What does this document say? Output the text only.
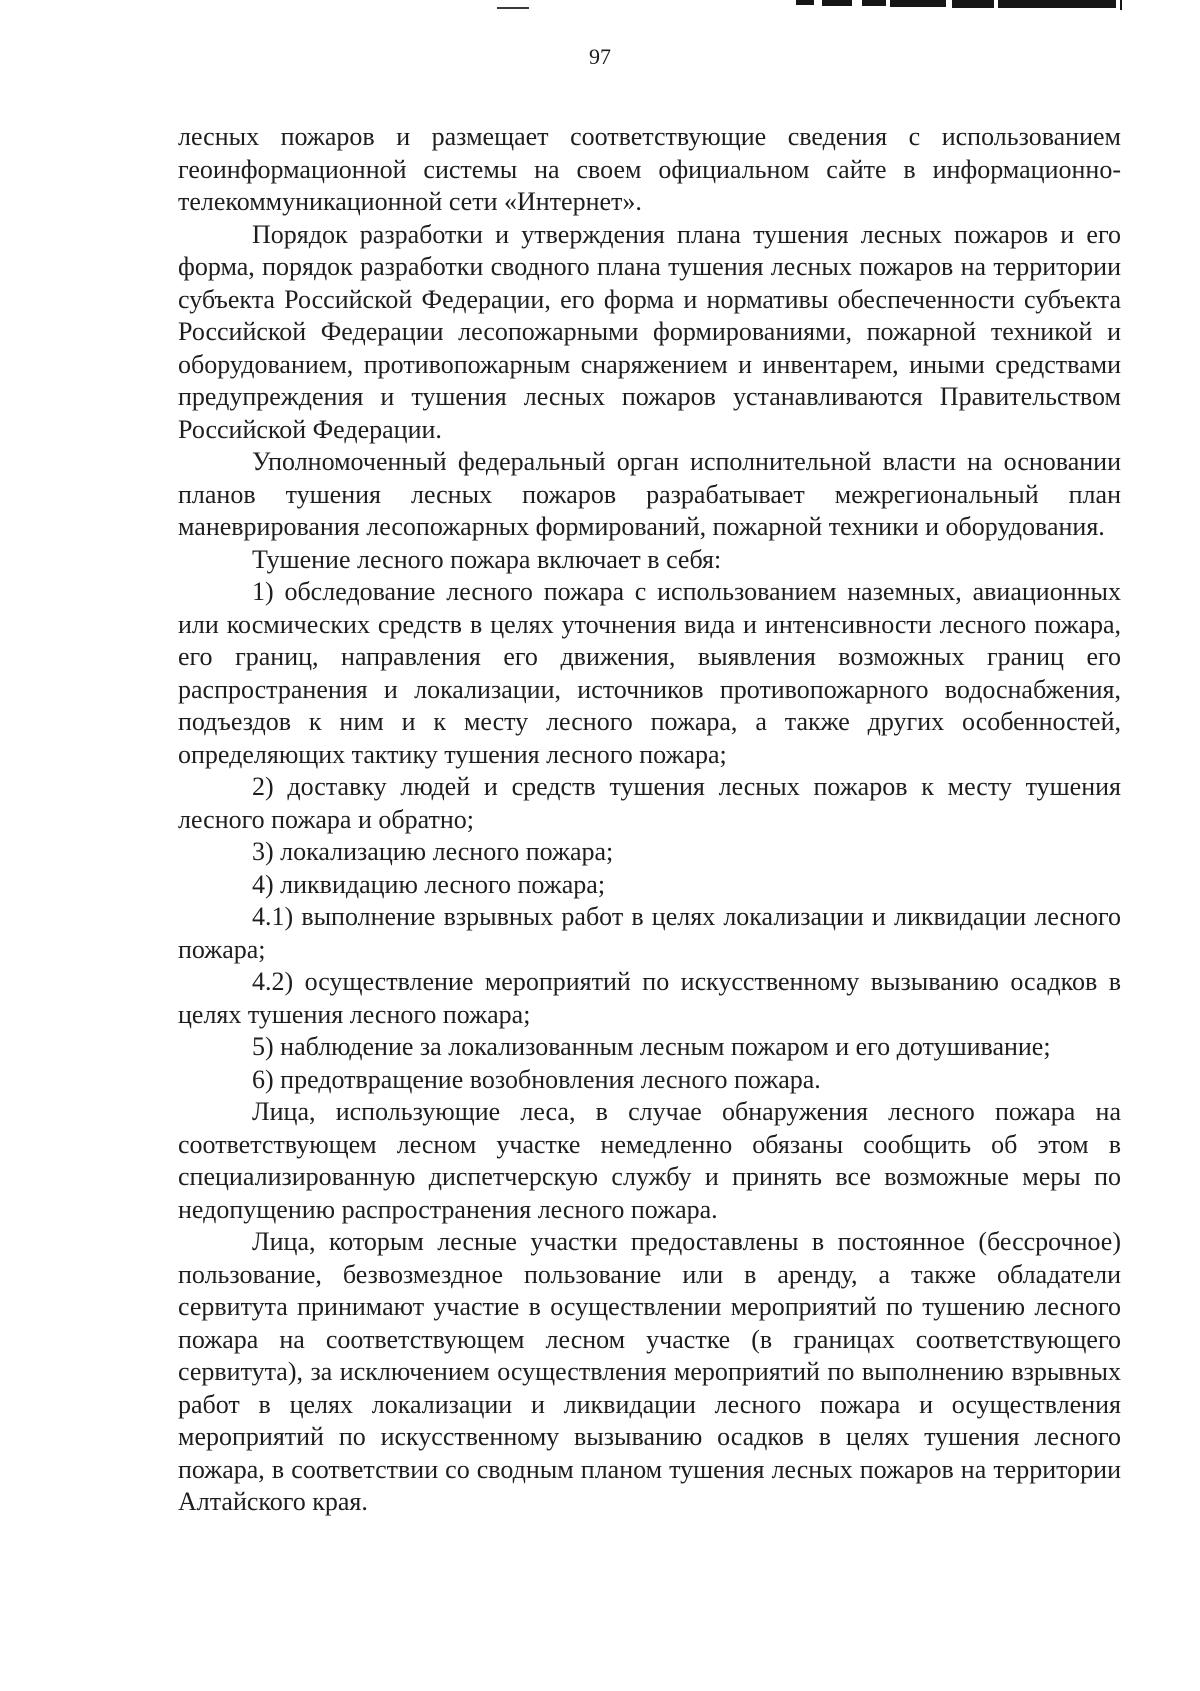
97

лесных пожаров и размещает соответствующие сведения с использованием геоинформационной системы на своем официальном сайте в информационно-телекоммуникационной сети «Интернет».

Порядок разработки и утверждения плана тушения лесных пожаров и его форма, порядок разработки сводного плана тушения лесных пожаров на территории субъекта Российской Федерации, его форма и нормативы обеспеченности субъекта Российской Федерации лесопожарными формированиями, пожарной техникой и оборудованием, противопожарным снаряжением и инвентарем, иными средствами предупреждения и тушения лесных пожаров устанавливаются Правительством Российской Федерации.

Уполномоченный федеральный орган исполнительной власти на основании планов тушения лесных пожаров разрабатывает межрегиональный план маневрирования лесопожарных формирований, пожарной техники и оборудования.

Тушение лесного пожара включает в себя:

1) обследование лесного пожара с использованием наземных, авиационных или космических средств в целях уточнения вида и интенсивности лесного пожара, его границ, направления его движения, выявления возможных границ его распространения и локализации, источников противопожарного водоснабжения, подъездов к ним и к месту лесного пожара, а также других особенностей, определяющих тактику тушения лесного пожара;

2) доставку людей и средств тушения лесных пожаров к месту тушения лесного пожара и обратно;

3) локализацию лесного пожара;

4) ликвидацию лесного пожара;

4.1) выполнение взрывных работ в целях локализации и ликвидации лесного пожара;

4.2) осуществление мероприятий по искусственному вызыванию осадков в целях тушения лесного пожара;

5) наблюдение за локализованным лесным пожаром и его дотушивание;

6) предотвращение возобновления лесного пожара.

Лица, использующие леса, в случае обнаружения лесного пожара на соответствующем лесном участке немедленно обязаны сообщить об этом в специализированную диспетчерскую службу и принять все возможные меры по недопущению распространения лесного пожара.

Лица, которым лесные участки предоставлены в постоянное (бессрочное) пользование, безвозмездное пользование или в аренду, а также обладатели сервитута принимают участие в осуществлении мероприятий по тушению лесного пожара на соответствующем лесном участке (в границах соответствующего сервитута), за исключением осуществления мероприятий по выполнению взрывных работ в целях локализации и ликвидации лесного пожара и осуществления мероприятий по искусственному вызыванию осадков в целях тушения лесного пожара, в соответствии со сводным планом тушения лесных пожаров на территории Алтайского края.
